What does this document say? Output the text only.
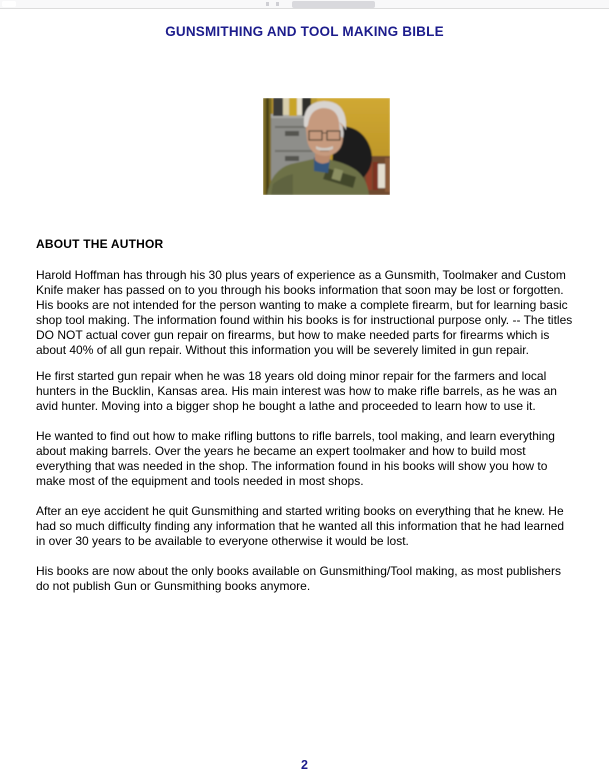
GUNSMITHING AND TOOL MAKING BIBLE
ABOUT THE AUTHOR

Harold Hoffman has through his 30 plus years of experience as a Gunsmith, Toolmaker and Custom Knife maker has passed on to you through his books information that soon may be lost or forgotten. His books are not intended for the person wanting to make a complete firearm, but for learning basic shop tool making. The information found within his books is for instructional purpose only. -- The titles DO NOT actual cover gun repair on firearms, but how to make needed parts for firearms which is about 40% of all gun repair. Without this information you will be severely limited in gun repair.

He first started gun repair when he was 18 years old doing minor repair for the farmers and local hunters in the Bucklin, Kansas area. His main interest was how to make rifle barrels, as he was an avid hunter. Moving into a bigger shop he bought a lathe and proceeded to learn how to use it.

He wanted to find out how to make rifling buttons to rifle barrels, tool making, and learn everything about making barrels. Over the years he became an expert toolmaker and how to build most everything that was needed in the shop. The information found in his books will show you how to make most of the equipment and tools needed in most shops.

After an eye accident he quit Gunsmithing and started writing books on everything that he knew. He had so much difficulty finding any information that he wanted all this information that he had learned in over 30 years to be available to everyone otherwise it would be lost.

His books are now about the only books available on Gunsmithing/Tool making, as most publishers do not publish Gun or Gunsmithing books anymore.

2
